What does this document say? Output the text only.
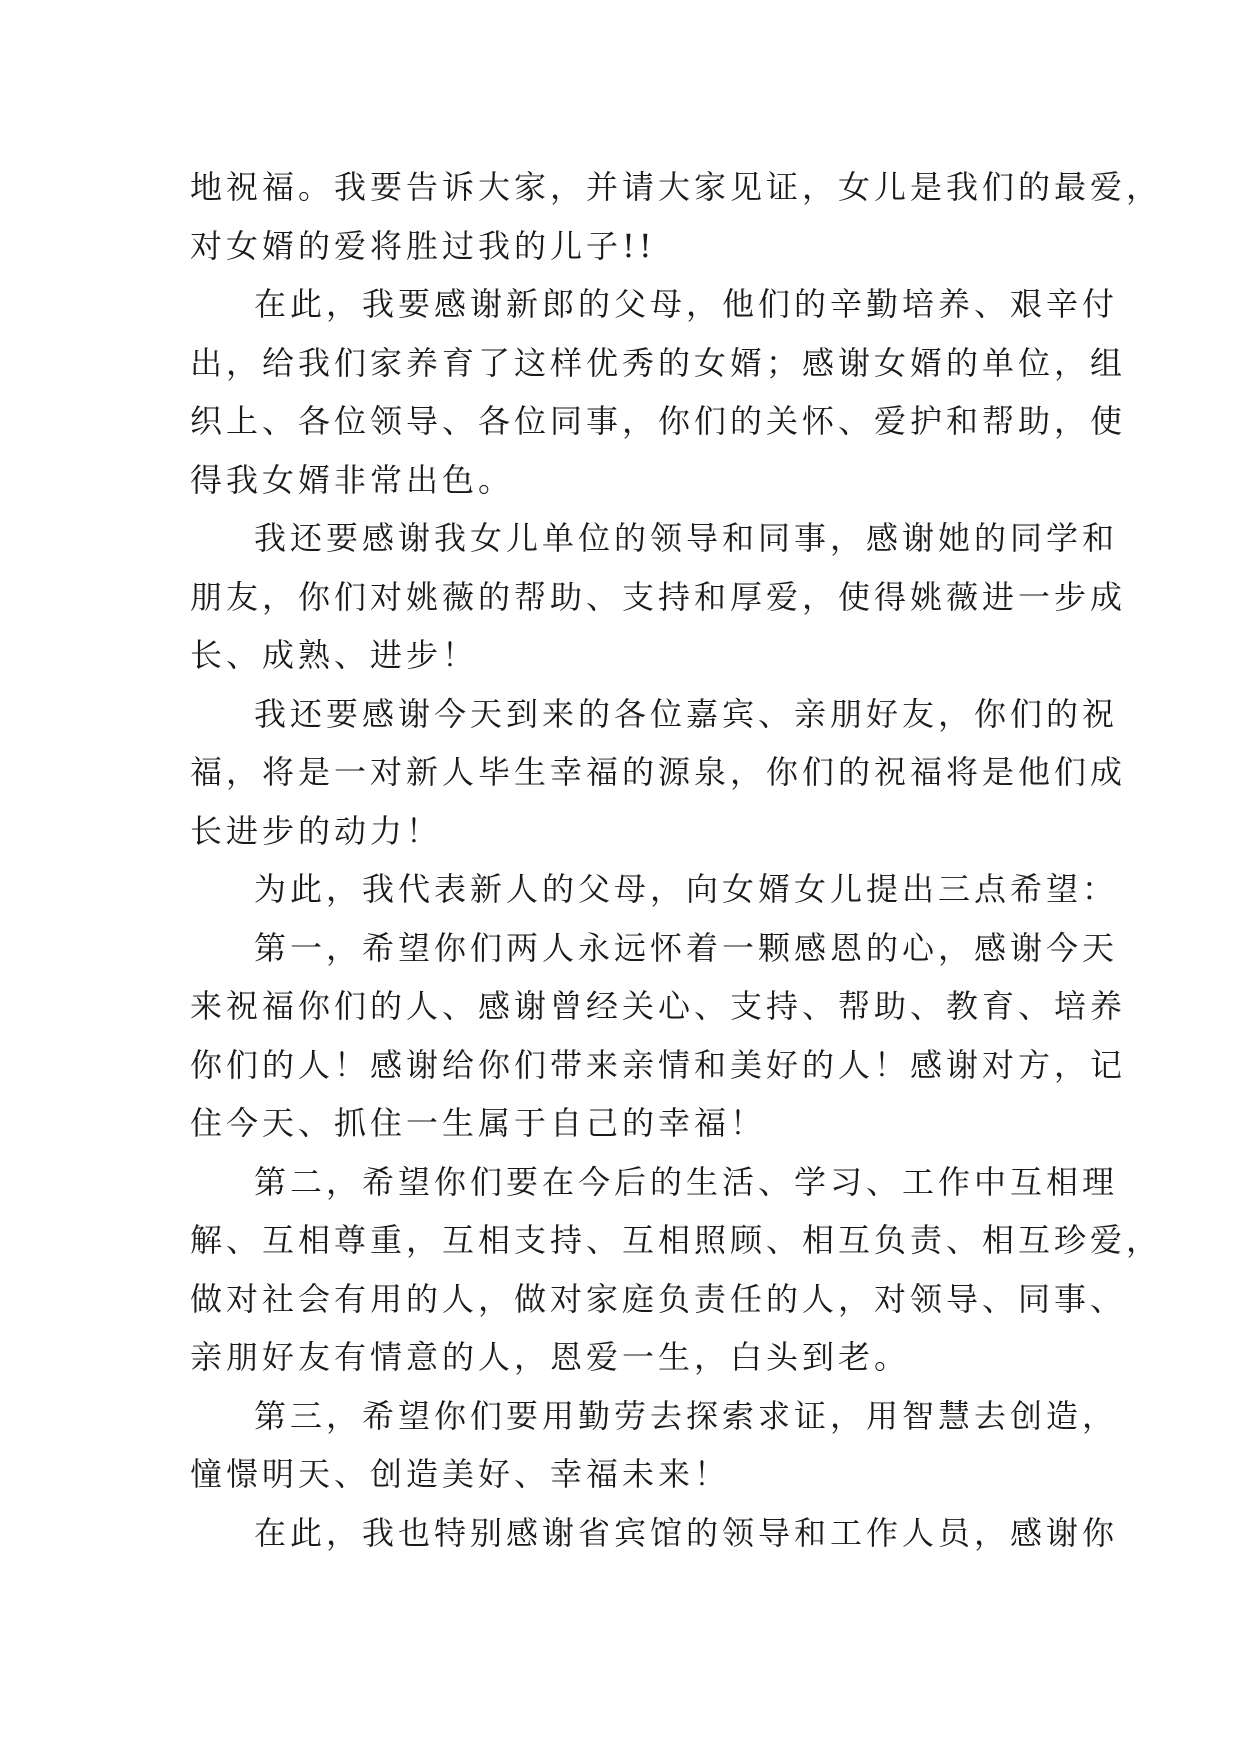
地祝福。我要告诉大家，并请大家见证，女儿是我们的最爱，
对女婿的爱将胜过我的儿子!!
在此，我要感谢新郎的父母，他们的辛勤培养、艰辛付
出，给我们家养育了这样优秀的女婿；感谢女婿的单位，组
织上、各位领导、各位同事，你们的关怀、爱护和帮助，使
得我女婿非常出色。
我还要感谢我女儿单位的领导和同事，感谢她的同学和
朋友，你们对姚薇的帮助、支持和厚爱，使得姚薇进一步成
长、成熟、进步！
我还要感谢今天到来的各位嘉宾、亲朋好友，你们的祝
福，将是一对新人毕生幸福的源泉，你们的祝福将是他们成
长进步的动力！
为此，我代表新人的父母，向女婿女儿提出三点希望：
第一，希望你们两人永远怀着一颗感恩的心，感谢今天
来祝福你们的人、感谢曾经关心、支持、帮助、教育、培养
你们的人！感谢给你们带来亲情和美好的人！感谢对方，记
住今天、抓住一生属于自己的幸福！
第二，希望你们要在今后的生活、学习、工作中互相理
解、互相尊重，互相支持、互相照顾、相互负责、相互珍爱，
做对社会有用的人，做对家庭负责任的人，对领导、同事、
亲朋好友有情意的人，恩爱一生，白头到老。
第三，希望你们要用勤劳去探索求证，用智慧去创造，
憧憬明天、创造美好、幸福未来！
在此，我也特别感谢省宾馆的领导和工作人员，感谢你
